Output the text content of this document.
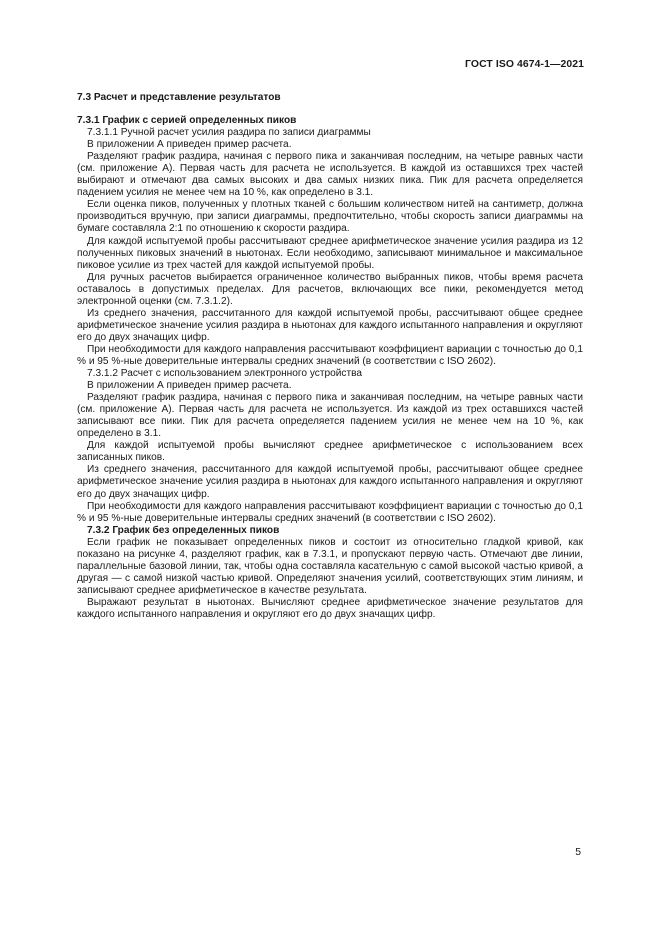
ГОСТ ISO 4674-1—2021

7.3 Расчет и представление результатов

7.3.1 График с серией определенных пиков

7.3.1.1 Ручной расчет усилия раздира по записи диаграммы

В приложении А приведен пример расчета.

Разделяют график раздира, начиная с первого пика и заканчивая последним, на четыре равных части (см. приложение А). Первая часть для расчета не используется. В каждой из оставшихся трех частей выбирают и отмечают два самых высоких и два самых низких пика. Пик для расчета определяется падением усилия не менее чем на 10 %, как определено в 3.1.

Если оценка пиков, полученных у плотных тканей с большим количеством нитей на сантиметр, должна производиться вручную, при записи диаграммы, предпочтительно, чтобы скорость записи диаграммы на бумаге составляла 2:1 по отношению к скорости раздира.

Для каждой испытуемой пробы рассчитывают среднее арифметическое значение усилия раздира из 12 полученных пиковых значений в ньютонах. Если необходимо, записывают минимальное и максимальное пиковое усилие из трех частей для каждой испытуемой пробы.

Для ручных расчетов выбирается ограниченное количество выбранных пиков, чтобы время расчета оставалось в допустимых пределах. Для расчетов, включающих все пики, рекомендуется метод электронной оценки (см. 7.3.1.2).

Из среднего значения, рассчитанного для каждой испытуемой пробы, рассчитывают общее среднее арифметическое значение усилия раздира в ньютонах для каждого испытанного направления и округляют его до двух значащих цифр.

При необходимости для каждого направления рассчитывают коэффициент вариации с точностью до 0,1 % и 95 %-ные доверительные интервалы средних значений (в соответствии с ISO 2602).

7.3.1.2 Расчет с использованием электронного устройства

В приложении А приведен пример расчета.

Разделяют график раздира, начиная с первого пика и заканчивая последним, на четыре равных части (см. приложение А). Первая часть для расчета не используется. Из каждой из трех оставшихся частей записывают все пики. Пик для расчета определяется падением усилия не менее чем на 10 %, как определено в 3.1.

Для каждой испытуемой пробы вычисляют среднее арифметическое с использованием всех записанных пиков.

Из среднего значения, рассчитанного для каждой испытуемой пробы, рассчитывают общее среднее арифметическое значение усилия раздира в ньютонах для каждого испытанного направления и округляют его до двух значащих цифр.

При необходимости для каждого направления рассчитывают коэффициент вариации с точностью до 0,1 % и 95 %-ные доверительные интервалы средних значений (в соответствии с ISO 2602).

7.3.2 График без определенных пиков

Если график не показывает определенных пиков и состоит из относительно гладкой кривой, как показано на рисунке 4, разделяют график, как в 7.3.1, и пропускают первую часть. Отмечают две линии, параллельные базовой линии, так, чтобы одна составляла касательную с самой высокой частью кривой, а другая — с самой низкой частью кривой. Определяют значения усилий, соответствующих этим линиям, и записывают среднее арифметическое в качестве результата.

Выражают результат в ньютонах. Вычисляют среднее арифметическое значение результатов для каждого испытанного направления и округляют его до двух значащих цифр.

5
